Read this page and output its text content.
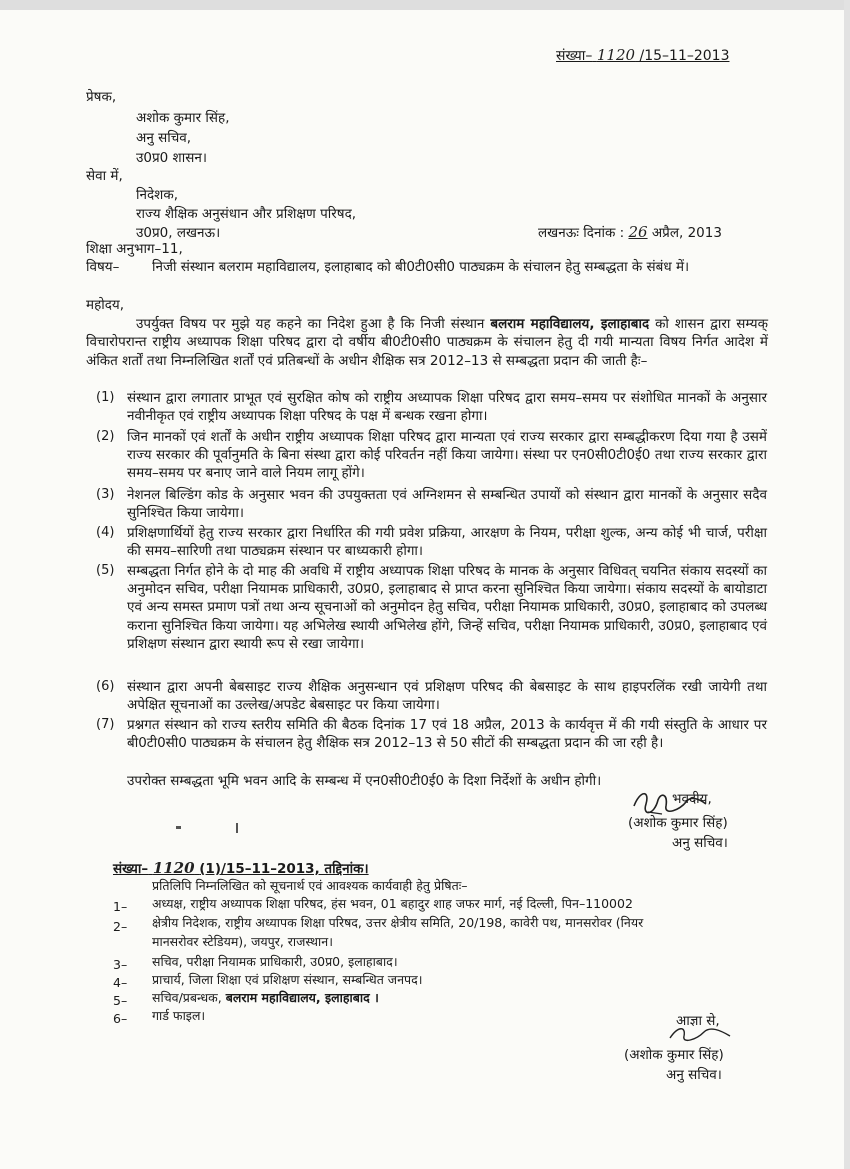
संख्या– 1120 /15–11–2013
प्रेषक,
अशोक कुमार सिंह,
अनु सचिव,
उ0प्र0 शासन।
सेवा में,
निदेशक,
राज्य शैक्षिक अनुसंधान और प्रशिक्षण परिषद,
उ0प्र0, लखनऊ।	लखनऊः दिनांक : 26 अप्रैल, 2013
शिक्षा अनुभाग–11,
विषय– निजी संस्थान बलराम महाविद्यालय, इलाहाबाद को बी0टी0सी0 पाठ्यक्रम के संचालन हेतु सम्बद्धता के संबंध में।
महोदय,
उपर्युक्त विषय पर मुझे यह कहने का निदेश हुआ है कि निजी संस्थान बलराम महाविद्यालय, इलाहाबाद को शासन द्वारा सम्यक् विचारोपरान्त राष्ट्रीय अध्यापक शिक्षा परिषद द्वारा दो वर्षीय बी0टी0सी0 पाठ्यक्रम के संचालन हेतु दी गयी मान्यता विषय निर्गत आदेश में अंकित शर्तों तथा निम्नलिखित शर्तों एवं प्रतिबन्धों के अधीन शैक्षिक सत्र 2012–13 से सम्बद्धता प्रदान की जाती हैः–
(1) संस्थान द्वारा लगातार प्राभूत एवं सुरक्षित कोष को राष्ट्रीय अध्यापक शिक्षा परिषद द्वारा समय–समय पर संशोधित मानकों के अनुसार नवीनीकृत एवं राष्ट्रीय अध्यापक शिक्षा परिषद के पक्ष में बन्धक रखना होगा।
(2) जिन मानकों एवं शर्तों के अधीन राष्ट्रीय अध्यापक शिक्षा परिषद द्वारा मान्यता एवं राज्य सरकार द्वारा सम्बद्धीकरण दिया गया है उसमें राज्य सरकार की पूर्वानुमति के बिना संस्था द्वारा कोई परिवर्तन नहीं किया जायेगा। संस्था पर एन0सी0टी0ई0 तथा राज्य सरकार द्वारा समय–समय पर बनाए जाने वाले नियम लागू होंगे।
(3) नेशनल बिल्डिंग कोड के अनुसार भवन की उपयुक्तता एवं अग्निशमन से सम्बन्धित उपायों को संस्थान द्वारा मानकों के अनुसार सदैव सुनिश्चित किया जायेगा।
(4) प्रशिक्षणार्थियों हेतु राज्य सरकार द्वारा निर्धारित की गयी प्रवेश प्रक्रिया, आरक्षण के नियम, परीक्षा शुल्क, अन्य कोई भी चार्ज, परीक्षा की समय–सारिणी तथा पाठ्यक्रम संस्थान पर बाध्यकारी होगा।
(5) सम्बद्धता निर्गत होने के दो माह की अवधि में राष्ट्रीय अध्यापक शिक्षा परिषद के मानक के अनुसार विधिवत् चयनित संकाय सदस्यों का अनुमोदन सचिव, परीक्षा नियामक प्राधिकारी, उ0प्र0, इलाहाबाद से प्राप्त करना सुनिश्चित किया जायेगा। संकाय सदस्यों के बायोडाटा एवं अन्य समस्त प्रमाण पत्रों तथा अन्य सूचनाओं को अनुमोदन हेतु सचिव, परीक्षा नियामक प्राधिकारी, उ0प्र0, इलाहाबाद को उपलब्ध कराना सुनिश्चित किया जायेगा। यह अभिलेख स्थायी अभिलेख होंगे, जिन्हें सचिव, परीक्षा नियामक प्राधिकारी, उ0प्र0, इलाहाबाद एवं प्रशिक्षण संस्थान द्वारा स्थायी रूप से रखा जायेगा।
(6) संस्थान द्वारा अपनी बेबसाइट राज्य शैक्षिक अनुसन्धान एवं प्रशिक्षण परिषद की बेबसाइट के साथ हाइपरलिंक रखी जायेगी तथा अपेक्षित सूचनाओं का उल्लेख/अपडेट बेबसाइट पर किया जायेगा।
(7) प्रश्नगत संस्थान को राज्य स्तरीय समिति की बैठक दिनांक 17 एवं 18 अप्रैल, 2013 के कार्यवृत्त में की गयी संस्तुति के आधार पर बी0टी0सी0 पाठ्यक्रम के संचालन हेतु शैक्षिक सत्र 2012–13 से 50 सीटों की सम्बद्धता प्रदान की जा रही है।
उपरोक्त सम्बद्धता भूमि भवन आदि के सम्बन्ध में एन0सी0टी0ई0 के दिशा निर्देशों के अधीन होगी।
भवदीय,
(अशोक कुमार सिंह)
अनु सचिव।
संख्या– 1120 (1)/15–11–2013, तद्दिनांक।
प्रतिलिपि निम्नलिखित को सूचनार्थ एवं आवश्यक कार्यवाही हेतु प्रेषितः–
1– अध्यक्ष, राष्ट्रीय अध्यापक शिक्षा परिषद, हंस भवन, 01 बहादुर शाह जफर मार्ग, नई दिल्ली, पिन–110002
2– क्षेत्रीय निदेशक, राष्ट्रीय अध्यापक शिक्षा परिषद, उत्तर क्षेत्रीय समिति, 20/198, कावेरी पथ, मानसरोवर (नियर
मानसरोवर स्टेडियम), जयपुर, राजस्थान।
3– सचिव, परीक्षा नियामक प्राधिकारी, उ0प्र0, इलाहाबाद।
4– प्राचार्य, जिला शिक्षा एवं प्रशिक्षण संस्थान, सम्बन्धित जनपद।
5– सचिव/प्रबन्धक, बलराम महाविद्यालय, इलाहाबाद ।
6– गार्ड फाइल।	आज्ञा से,
(अशोक कुमार सिंह)
अनु सचिव।
